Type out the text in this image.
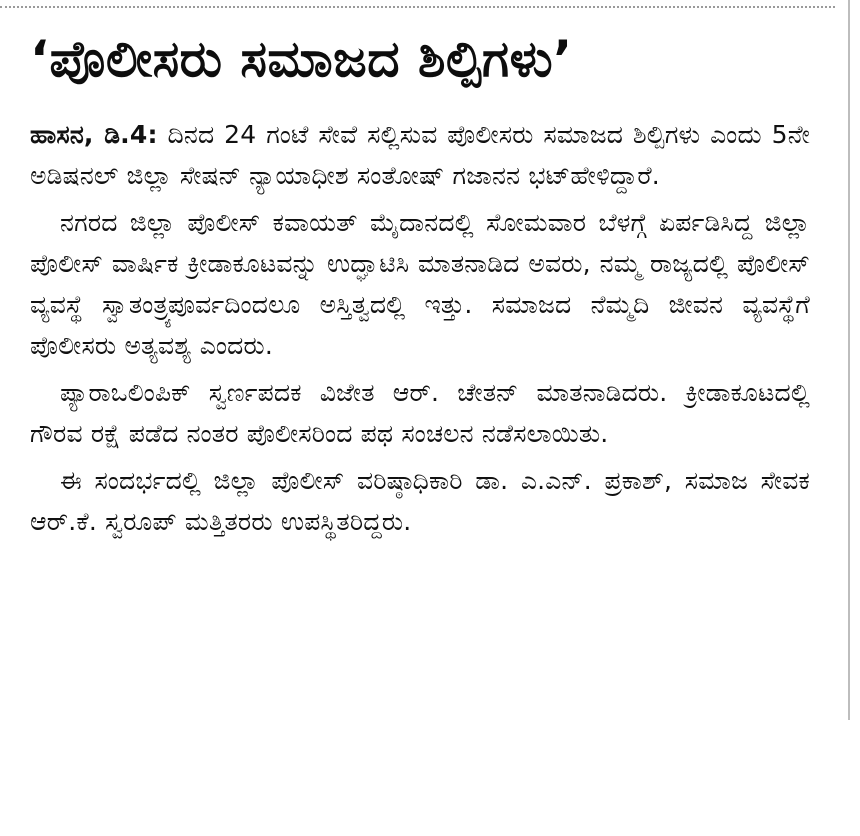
‘ಪೊಲೀಸರು ಸಮಾಜದ ಶಿಲ್ಪಿಗಳು’

ಹಾಸನ, ಡಿ.4: ದಿನದ 24 ಗಂಟೆ ಸೇವೆ ಸಲ್ಲಿಸುವ ಪೊಲೀಸರು ಸಮಾಜದ ಶಿಲ್ಪಿಗಳು ಎಂದು 5ನೇ ಅಡಿಷನಲ್ ಜಿಲ್ಲಾ ಸೇಷನ್ ನ್ಯಾಯಾಧೀಶ ಸಂತೋಷ್ ಗಜಾನನ ಭಟ್‌ಹೇಳಿದ್ದಾರೆ.

ನಗರದ ಜಿಲ್ಲಾ ಪೊಲೀಸ್ ಕವಾಯತ್ ಮೈದಾನದಲ್ಲಿ ಸೋಮವಾರ ಬೆಳಗ್ಗೆ ಏರ್ಪಡಿಸಿದ್ದ ಜಿಲ್ಲಾ ಪೊಲೀಸ್ ವಾರ್ಷಿಕ ಕ್ರೀಡಾಕೂಟವನ್ನು ಉದ್ಘಾಟಿಸಿ ಮಾತನಾಡಿದ ಅವರು, ನಮ್ಮ ರಾಜ್ಯದಲ್ಲಿ ಪೊಲೀಸ್ ವ್ಯವಸ್ಥೆ ಸ್ವಾತಂತ್ರ್ಯಪೂರ್ವದಿಂದಲೂ ಅಸ್ತಿತ್ವದಲ್ಲಿ ಇತ್ತು. ಸಮಾಜದ ನೆಮ್ಮದಿ ಜೀವನ ವ್ಯವಸ್ಥೆಗೆ ಪೊಲೀಸರು ಅತ್ಯವಶ್ಯ ಎಂದರು.

ಪ್ಯಾರಾಒಲಿಂಪಿಕ್ ಸ್ವರ್ಣಪದಕ ವಿಜೇತ ಆರ್. ಚೇತನ್ ಮಾತನಾಡಿದರು. ಕ್ರೀಡಾಕೂಟದಲ್ಲಿ ಗೌರವ ರಕ್ಷೆ ಪಡೆದ ನಂತರ ಪೊಲೀಸರಿಂದ ಪಥ ಸಂಚಲನ ನಡೆಸಲಾಯಿತು.

ಈ ಸಂದರ್ಭದಲ್ಲಿ ಜಿಲ್ಲಾ ಪೊಲೀಸ್ ವರಿಷ್ಠಾಧಿಕಾರಿ ಡಾ. ಎ.ಎನ್. ಪ್ರಕಾಶ್, ಸಮಾಜ ಸೇವಕ ಆರ್.ಕೆ. ಸ್ವರೂಪ್ ಮತ್ತಿತರರು ಉಪಸ್ಥಿತರಿದ್ದರು.
